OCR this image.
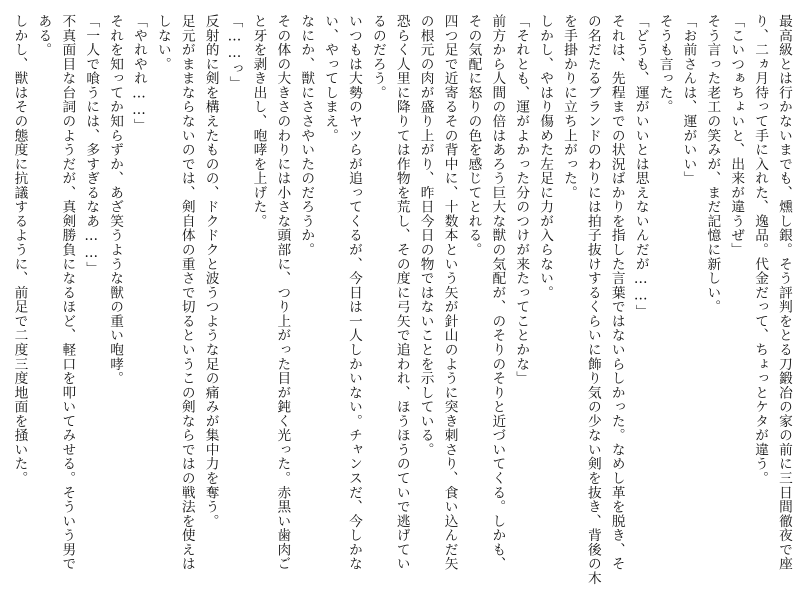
最高級とは行かないまでも、燻し銀。そう評判をとる刀鍛冶の家の前に三日間徹夜で座
り、二ヵ月待って手に入れた、逸品。代金だって、ちょっとケタが違う。
「こいつぁちょいと、出来が違うぜ」
そう言った老工の笑みが、まだ記憶に新しい。
「お前さんは、運がいい」
そうも言った。
「どうも、運がいいとは思えないんだが……」
それは、先程までの状況ばかりを指した言葉ではないらしかった。なめし革を脱き、そ
の名だたるブランドのわりには拍子抜けするくらいに飾り気の少ない剣を抜き、背後の木
を手掛かりに立ち上がった。
しかし、やはり傷めた左足に力が入らない。
「それとも、運がよかった分のつけが来たってことかな」
前方から人間の倍はあろう巨大な獣の気配が、のそりのそりと近づいてくる。しかも、
その気配に怒りの色を感じてとれる。
四つ足で近寄るその背中に、十数本という矢が針山のように突き刺さり、食い込んだ矢
の根元の肉が盛り上がり、昨日今日の物ではないことを示している。
恐らく人里に降りては作物を荒し、その度に弓矢で追われ、ほうほうのていで逃げてい
るのだろう。
いつもは大勢のヤツらが追ってくるが、今日は一人しかいない。チャンスだ、今しかな
い、やってしまえ。
なにか、獣にささやいたのだろうか。
その体の大きさのわりには小さな頭部に、つり上がった目が鈍く光った。赤黒い歯肉ご
と牙を剥き出し、咆哮を上げた。
「……っ」
反射的に剣を構えたものの、ドクドクと波うつような足の痛みが集中力を奪う。
足元がままならないのでは、剣自体の重さで切るというこの剣ならではの戦法を使えは
しない。
「やれやれ……」
それを知ってか知らずか、あざ笑うような獣の重い咆哮。
「一人で喰うには、多すぎるなあ……」
不真面目な台詞のようだが、真剣勝負になるほど、軽口を叩いてみせる。そういう男で
ある。
しかし、獣はその態度に抗議するように、前足で二度三度地面を掻いた。
